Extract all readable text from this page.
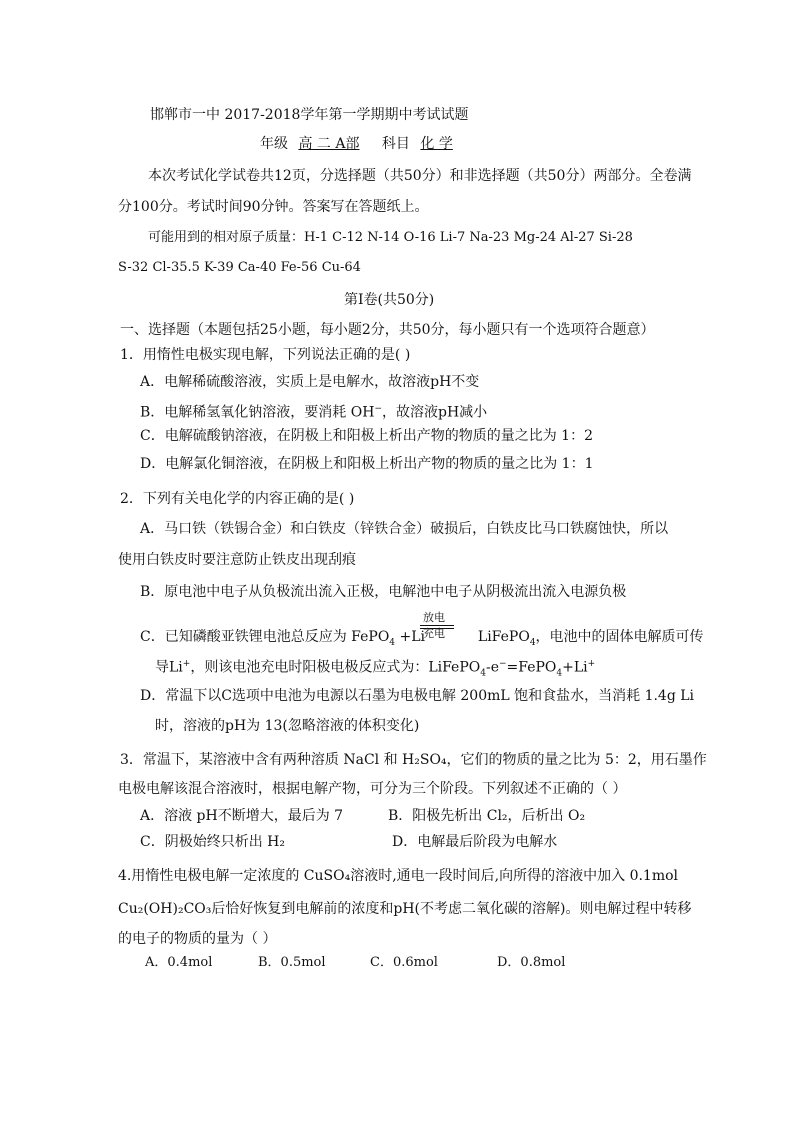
邯郸市一中 2017-2018学年第一学期期中考试试题
年级 高 二 A部 科目 化 学
本次考试化学试卷共12页，分选择题（共50分）和非选择题（共50分）两部分。全卷满
分100分。考试时间90分钟。答案写在答题纸上。
可能用到的相对原子质量：H-1 C-12 N-14 O-16 Li-7 Na-23 Mg-24 Al-27 Si-28
S-32 Cl-35.5 K-39 Ca-40 Fe-56 Cu-64
第Ⅰ卷(共50分)
一、选择题（本题包括25小题，每小题2分，共50分，每小题只有一个选项符合题意）
1．用惰性电极实现电解，下列说法正确的是( )
A．电解稀硫酸溶液，实质上是电解水，故溶液pH不变
B．电解稀氢氧化钠溶液，要消耗 OH−，故溶液pH减小
C．电解硫酸钠溶液，在阴极上和阳极上析出产物的物质的量之比为 1：2
D．电解氯化铜溶液，在阴极上和阳极上析出产物的物质的量之比为 1：1
2．下列有关电化学的内容正确的是( )
A．马口铁（铁锡合金）和白铁皮（锌铁合金）破损后，白铁皮比马口铁腐蚀快，所以
使用白铁皮时要注意防止铁皮出现刮痕
B．原电池中电子从负极流出流入正极，电解池中电子从阴极流出流入电源负极
C．已知磷酸亚铁锂电池总反应为 FePO$_4$ +Li	LiFePO$_4$，电池中的固体电解质可传
放电
充电
导Li+，则该电池充电时阳极电极反应式为：LiFePO$_4$-e−=FePO$_4$+Li+
D．常温下以C选项中电池为电源以石墨为电极电解 200mL 饱和食盐水，当消耗 1.4g Li
时，溶液的pH为 13(忽略溶液的体积变化)
3．常温下，某溶液中含有两种溶质 NaCl 和 H₂SO₄，它们的物质的量之比为 5：2，用石墨作
电极电解该混合溶液时，根据电解产物，可分为三个阶段。下列叙述不正确的（ ）
A．溶液 pH不断增大，最后为 7	B．阳极先析出 Cl₂，后析出 O₂
C．阴极始终只析出 H₂	D．电解最后阶段为电解水
4.用惰性电极电解一定浓度的 CuSO₄溶液时,通电一段时间后,向所得的溶液中加入 0.1mol
Cu₂(OH)₂CO₃后恰好恢复到电解前的浓度和pH(不考虑二氧化碳的溶解)。则电解过程中转移
的电子的物质的量为（ ）
A．0.4mol	B．0.5mol	C．0.6mol	D．0.8mol
